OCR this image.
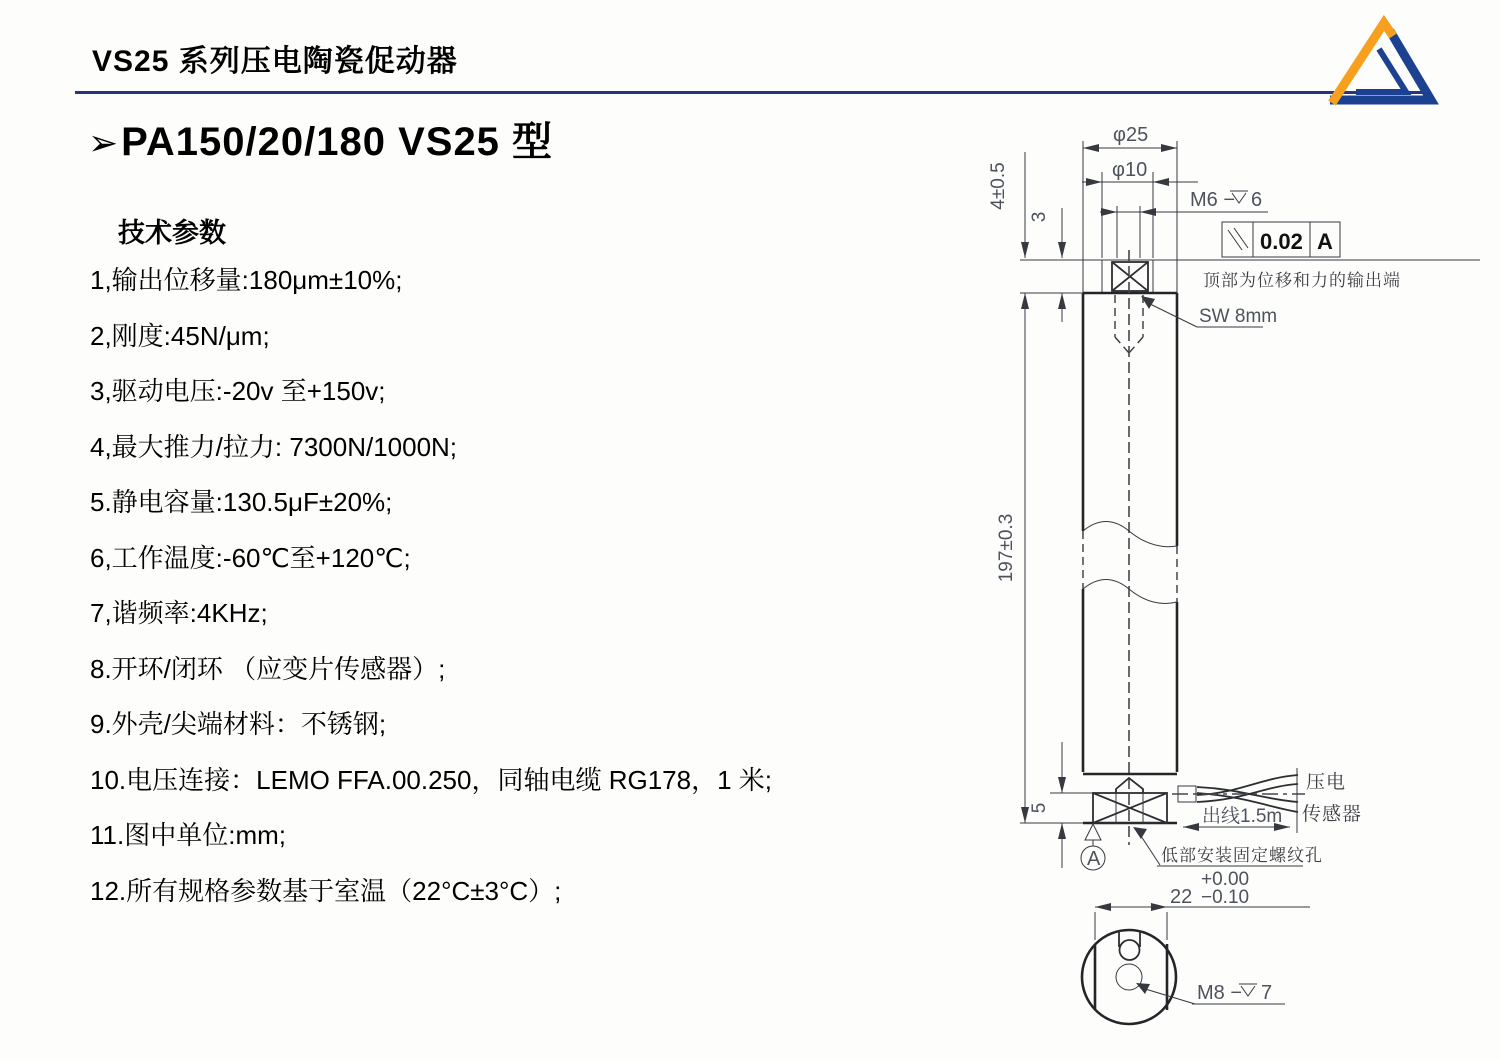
VS25 系列压电陶瓷促动器
➢PA150/20/180 VS25 型
技术参数
1,输出位移量:180μm±10%;
2,刚度:45N/μm;
3,驱动电压:-20v 至+150v;
4,最大推力/拉力: 7300N/1000N;
5.静电容量:130.5μF±20%;
6,工作温度:-60℃至+120℃;
7,谐频率:4KHz;
8.开环/闭环 （应变片传感器）;
9.外壳/尖端材料：不锈钢;
10.电压连接：LEMO FFA.00.250，同轴电缆 RG178，1 米;
11.图中单位:mm;
12.所有规格参数基于室温（22°C±3°C）;
φ25
φ10
M6 − 6
0.02 A
顶部为位移和力的输出端
SW 8mm
4±0.5
3
197±0.3
5
压电
传感器
出线1.5m
A	低部安装固定螺纹孔
+0.00
22 −0.10
M8 − 7
